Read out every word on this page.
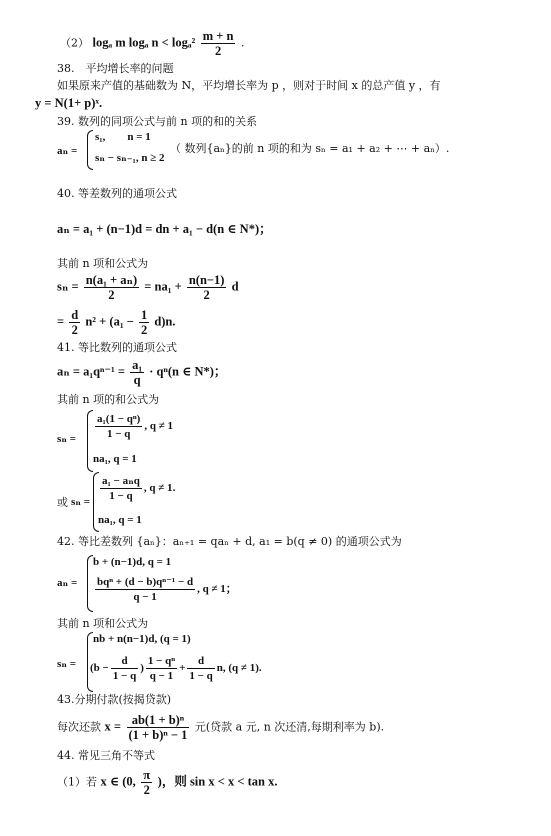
（2） logₐ m logₐ $n < \log_a^2 \frac{m + n}{2}$ .
38.　平均增长率的问题
如果原来产值的基础数为 N，平均增长率为 p ，则对于时间 x 的总产值 y ，有
y = N(1+ p)ˣ.
39. 数列的同项公式与前 n 项的和的关系
aₙ =
s₁,　　n = 1
sₙ − sₙ₋₁, n ≥ 2
（ 数列{aₙ}的前 n 项的和为 sₙ = a₁ + a₂ + ⋯ + aₙ）.
40. 等差数列的通项公式
aₙ = a₁ + (n−1)d = dn + a₁ − d(n ∈ N*)；
其前 n 项和公式为
$s_n = \frac{\text{n(a₁ + aₙ)}}{2} = na_1 + \frac{n(n-1)}{2}$ d
= $\frac{d}{2} n^2 + (a_1 - \frac{1}{2} d)n$.
41. 等比数列的通项公式
$a_n = a_1q^{n-1} = \frac{\text{a₁}}{q} \cdot q^n(n$ ∈ N*)；
其前 n 项的和公式为
$s_n = \frac{\text{a₁(1 − qⁿ)}}{1 - q}$ , q ≠ 1
na₁, q = 1
或 $s_n = \frac{\text{a₁ − aₙq}}{1 - q}$ , q ≠ 1.
na₁, q = 1
42. 等比差数列 {aₙ}：aₙ₊₁ = qaₙ + d, a₁ = b(q ≠ 0) 的通项公式为
aₙ =
b + (n−1)d, q = 1
$\frac{\text{bqⁿ + (d − b)qⁿ⁻¹ − d}}{q - 1}$ , q ≠ 1；
其前 n 项和公式为
sₙ =
nb + n(n−1)d, (q = 1)
($b - \frac{d}{1 - q}$ ) $\frac{\text{1 − qⁿ}}{q - 1} + \frac{d}{1 - q} n$, (q ≠ 1).
43.分期付款(按揭贷款)
每次还款 $x = \frac{\text{ab(1 + b)ⁿ}}{\text{(1 + b)ⁿ − 1}}$ 元(贷款 a 元, n 次还清,每期利率为 b).
44. 常见三角不等式
（1）若 x ∈ (0, $\frac{\pi}{2}$ )，则 sin x < x < tan x.
